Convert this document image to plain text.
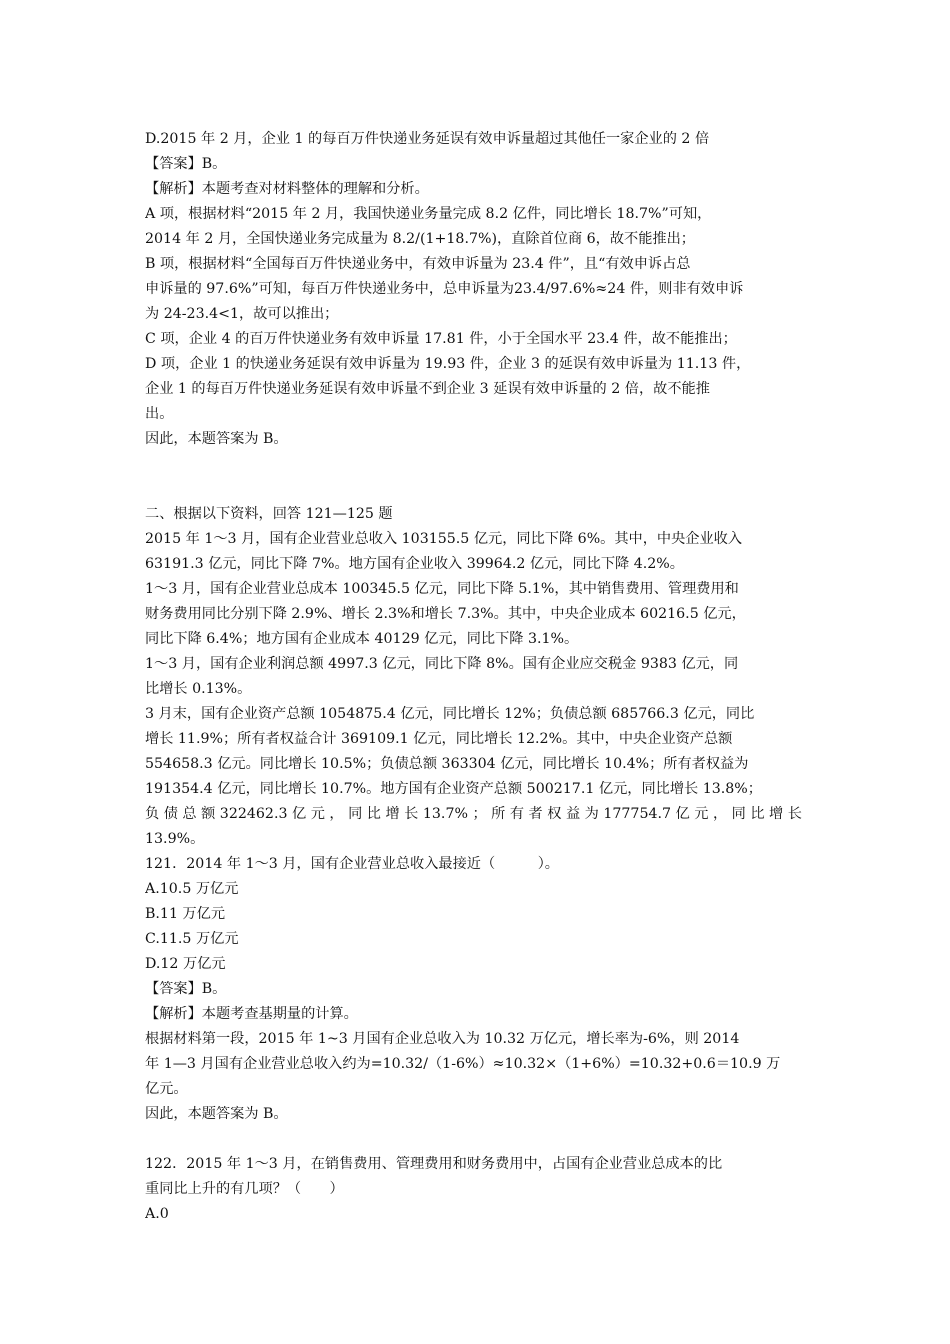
D.2015 年 2 月，企业 1 的每百万件快递业务延误有效申诉量超过其他任一家企业的 2 倍
【答案】B。
【解析】本题考查对材料整体的理解和分析。
A 项，根据材料“2015 年 2 月，我国快递业务量完成 8.2 亿件，同比增长 18.7%”可知，
2014 年 2 月，全国快递业务完成量为 8.2/(1+18.7%)，直除首位商 6，故不能推出；
B 项，根据材料“全国每百万件快递业务中，有效申诉量为 23.4 件”，且“有效申诉占总
申诉量的 97.6%”可知，每百万件快递业务中，总申诉量为23.4/97.6%≈24 件，则非有效申诉
为 24-23.4<1，故可以推出；
C 项，企业 4 的百万件快递业务有效申诉量 17.81 件，小于全国水平 23.4 件，故不能推出；
D 项，企业 1 的快递业务延误有效申诉量为 19.93 件，企业 3 的延误有效申诉量为 11.13 件，
企业 1 的每百万件快递业务延误有效申诉量不到企业 3 延误有效申诉量的 2 倍，故不能推
出。
因此，本题答案为 B。
二、根据以下资料，回答 121—125 题
2015 年 1～3 月，国有企业营业总收入 103155.5 亿元，同比下降 6%。其中，中央企业收入
63191.3 亿元，同比下降 7%。地方国有企业收入 39964.2 亿元，同比下降 4.2%。
1～3 月，国有企业营业总成本 100345.5 亿元，同比下降 5.1%，其中销售费用、管理费用和
财务费用同比分别下降 2.9%、增长 2.3%和增长 7.3%。其中，中央企业成本 60216.5 亿元，
同比下降 6.4%；地方国有企业成本 40129 亿元，同比下降 3.1%。
1～3 月，国有企业利润总额 4997.3 亿元，同比下降 8%。国有企业应交税金 9383 亿元，同
比增长 0.13%。
3 月末，国有企业资产总额 1054875.4 亿元，同比增长 12%；负债总额 685766.3 亿元，同比
增长 11.9%；所有者权益合计 369109.1 亿元，同比增长 12.2%。其中，中央企业资产总额
554658.3 亿元。同比增长 10.5%；负债总额 363304 亿元，同比增长 10.4%；所有者权益为
191354.4 亿元，同比增长 10.7%。地方国有企业资产总额 500217.1 亿元，同比增长 13.8%；
负 债 总 额 322462.3 亿 元 ， 同 比 增 长 13.7% ； 所 有 者 权 益 为 177754.7 亿 元 ， 同 比 增 长
13.9%。
121．2014 年 1～3 月，国有企业营业总收入最接近（　　　）。
A.10.5 万亿元
B.11 万亿元
C.11.5 万亿元
D.12 万亿元
【答案】B。
【解析】本题考查基期量的计算。
根据材料第一段，2015 年 1~3 月国有企业总收入为 10.32 万亿元，增长率为-6%，则 2014
年 1—3 月国有企业营业总收入约为=10.32/（1-6%）≈10.32×（1+6%）=10.32+0.6＝10.9 万
亿元。
因此，本题答案为 B。
122．2015 年 1～3 月，在销售费用、管理费用和财务费用中，占国有企业营业总成本的比
重同比上升的有几项？（　　）
A.0
